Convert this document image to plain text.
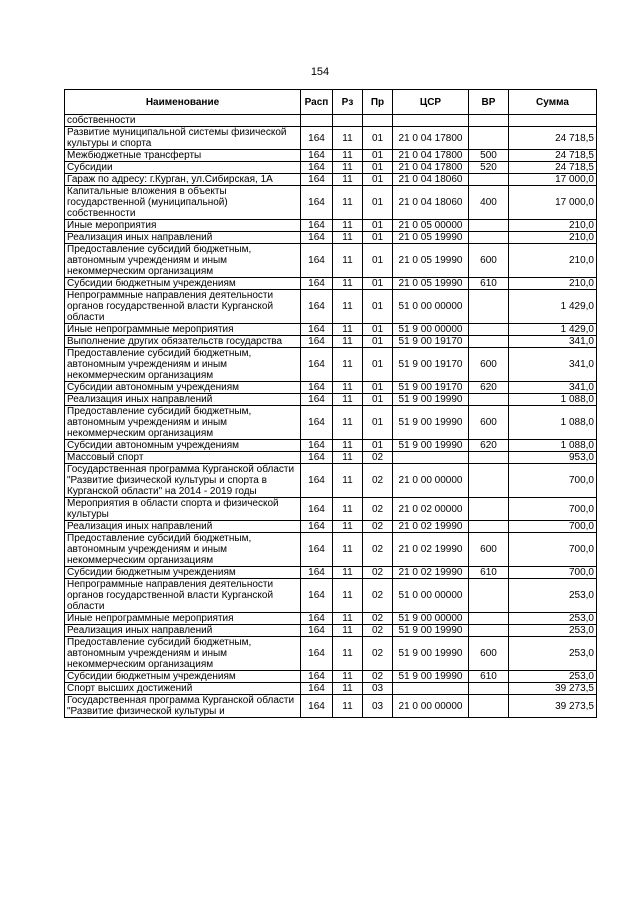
154
Наименование	Расп	Рз	Пр	ЦСР	ВР	Сумма
собственности						
Развитие муниципальной системы физической культуры и спорта	164	11	01	21 0 04 17800		24 718,5
Межбюджетные трансферты	164	11	01	21 0 04 17800	500	24 718,5
Субсидии	164	11	01	21 0 04 17800	520	24 718,5
Гараж по адресу: г.Курган, ул.Сибирская, 1А	164	11	01	21 0 04 18060		17 000,0
Капитальные вложения в объекты государственной (муниципальной) собственности	164	11	01	21 0 04 18060	400	17 000,0
Иные мероприятия	164	11	01	21 0 05 00000		210,0
Реализация иных направлений	164	11	01	21 0 05 19990		210,0
Предоставление субсидий бюджетным, автономным учреждениям и иным некоммерческим организациям	164	11	01	21 0 05 19990	600	210,0
Субсидии бюджетным учреждениям	164	11	01	21 0 05 19990	610	210,0
Непрограммные направления деятельности органов государственной власти Курганской области	164	11	01	51 0 00 00000		1 429,0
Иные непрограммные мероприятия	164	11	01	51 9 00 00000		1 429,0
Выполнение других обязательств государства	164	11	01	51 9 00 19170		341,0
Предоставление субсидий бюджетным, автономным учреждениям и иным некоммерческим организациям	164	11	01	51 9 00 19170	600	341,0
Субсидии автономным учреждениям	164	11	01	51 9 00 19170	620	341,0
Реализация иных направлений	164	11	01	51 9 00 19990		1 088,0
Предоставление субсидий бюджетным, автономным учреждениям и иным некоммерческим организациям	164	11	01	51 9 00 19990	600	1 088,0
Субсидии автономным учреждениям	164	11	01	51 9 00 19990	620	1 088,0
Массовый спорт	164	11	02			953,0
Государственная программа Курганской области "Развитие физической культуры и спорта в Курганской области" на 2014 - 2019 годы	164	11	02	21 0 00 00000		700,0
Мероприятия в области спорта и физической культуры	164	11	02	21 0 02 00000		700,0
Реализация иных направлений	164	11	02	21 0 02 19990		700,0
Предоставление субсидий бюджетным, автономным учреждениям и иным некоммерческим организациям	164	11	02	21 0 02 19990	600	700,0
Субсидии бюджетным учреждениям	164	11	02	21 0 02 19990	610	700,0
Непрограммные направления деятельности органов государственной власти Курганской области	164	11	02	51 0 00 00000		253,0
Иные непрограммные мероприятия	164	11	02	51 9 00 00000		253,0
Реализация иных направлений	164	11	02	51 9 00 19990		253,0
Предоставление субсидий бюджетным, автономным учреждениям и иным некоммерческим организациям	164	11	02	51 9 00 19990	600	253,0
Субсидии бюджетным учреждениям	164	11	02	51 9 00 19990	610	253,0
Спорт высших достижений	164	11	03			39 273,5
Государственная программа Курганской области "Развитие физической культуры и	164	11	03	21 0 00 00000		39 273,5
